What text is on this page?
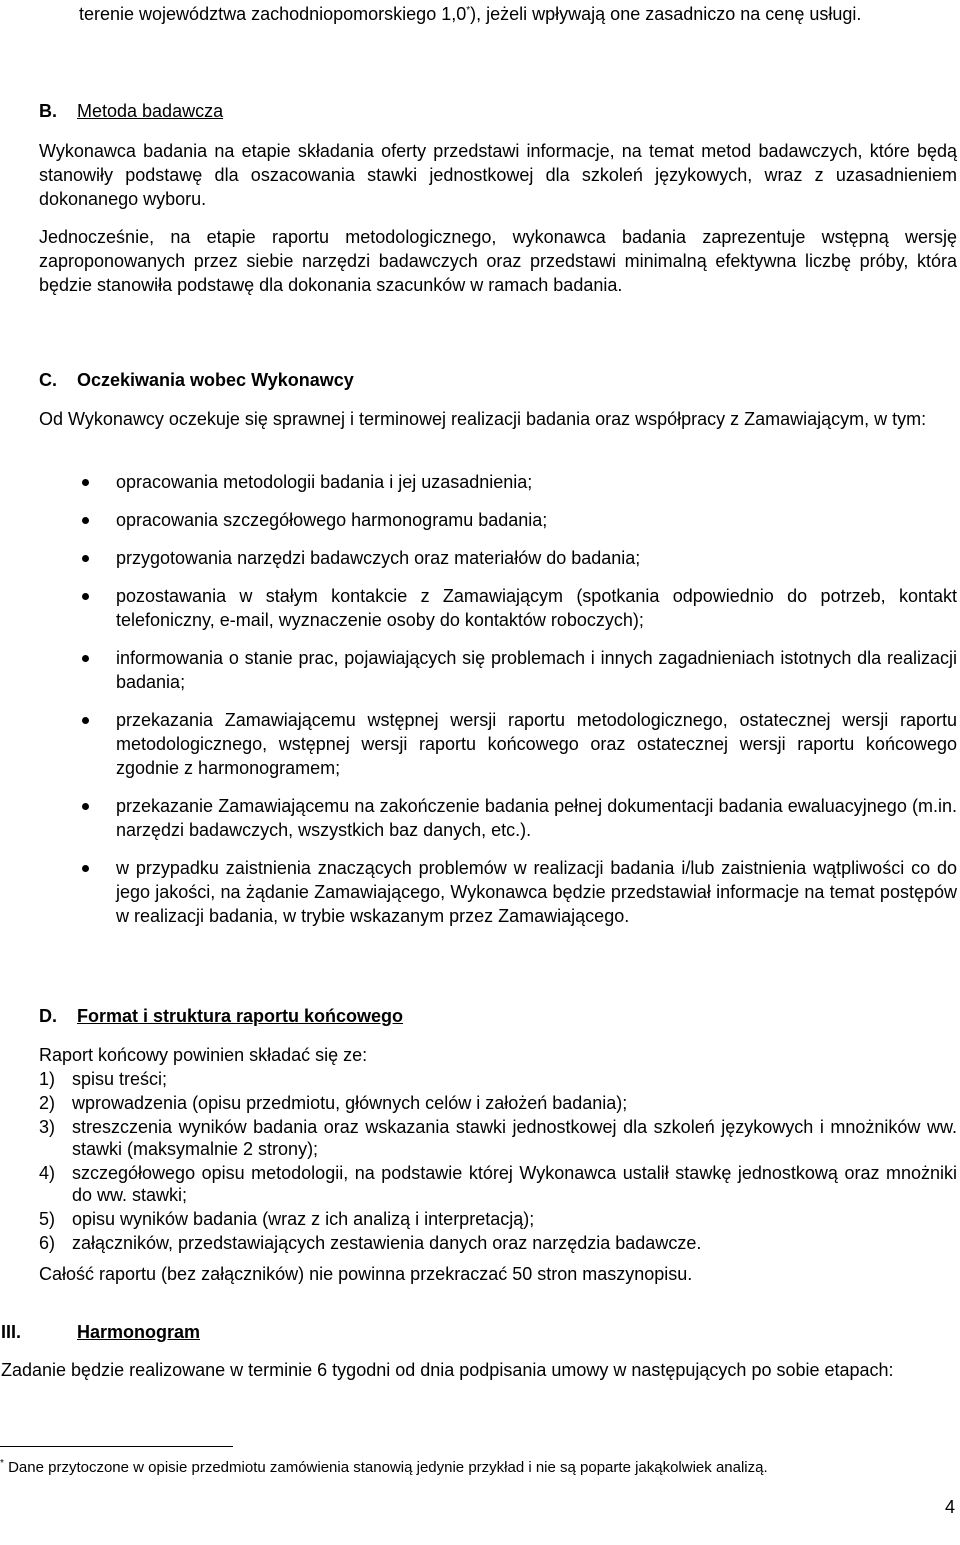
terenie województwa zachodniopomorskiego 1,0*), jeżeli wpływają one zasadniczo na cenę usługi.

B. Metoda badawcza

Wykonawca badania na etapie składania oferty przedstawi informacje, na temat metod badawczych, które będą stanowiły podstawę dla oszacowania stawki jednostkowej dla szkoleń językowych, wraz z uzasadnieniem dokonanego wyboru.

Jednocześnie, na etapie raportu metodologicznego, wykonawca badania zaprezentuje wstępną wersję zaproponowanych przez siebie narzędzi badawczych oraz przedstawi minimalną efektywna liczbę próby, która będzie stanowiła podstawę dla dokonania szacunków w ramach badania.

C. Oczekiwania wobec Wykonawcy

Od Wykonawcy oczekuje się sprawnej i terminowej realizacji badania oraz współpracy z Zamawiającym, w tym:

opracowania metodologii badania i jej uzasadnienia;
opracowania szczegółowego harmonogramu badania;
przygotowania narzędzi badawczych oraz materiałów do badania;
pozostawania w stałym kontakcie z Zamawiającym (spotkania odpowiednio do potrzeb, kontakt telefoniczny, e-mail, wyznaczenie osoby do kontaktów roboczych);
informowania o stanie prac, pojawiających się problemach i innych zagadnieniach istotnych dla realizacji badania;
przekazania Zamawiającemu wstępnej wersji raportu metodologicznego, ostatecznej wersji raportu metodologicznego, wstępnej wersji raportu końcowego oraz ostatecznej wersji raportu końcowego zgodnie z harmonogramem;
przekazanie Zamawiającemu na zakończenie badania pełnej dokumentacji badania ewaluacyjnego (m.in. narzędzi badawczych, wszystkich baz danych, etc.).
w przypadku zaistnienia znaczących problemów w realizacji badania i/lub zaistnienia wątpliwości co do jego jakości, na żądanie Zamawiającego, Wykonawca będzie przedstawiał informacje na temat postępów w realizacji badania, w trybie wskazanym przez Zamawiającego.
D. Format i struktura raportu końcowego

Raport końcowy powinien składać się ze:

1) spisu treści;
2) wprowadzenia (opisu przedmiotu, głównych celów i założeń badania);
3) streszczenia wyników badania oraz wskazania stawki jednostkowej dla szkoleń językowych i mnożników ww. stawki (maksymalnie 2 strony);
4) szczegółowego opisu metodologii, na podstawie której Wykonawca ustalił stawkę jednostkową oraz mnożniki do ww. stawki;
5) opisu wyników badania (wraz z ich analizą i interpretacją);
6) załączników, przedstawiających zestawienia danych oraz narzędzia badawcze.

Całość raportu (bez załączników) nie powinna przekraczać 50 stron maszynopisu.

III.	Harmonogram

Zadanie będzie realizowane w terminie 6 tygodni od dnia podpisania umowy w następujących po sobie etapach:

* Dane przytoczone w opisie przedmiotu zamówienia stanowią jedynie przykład i nie są poparte jakąkolwiek analizą.

4
